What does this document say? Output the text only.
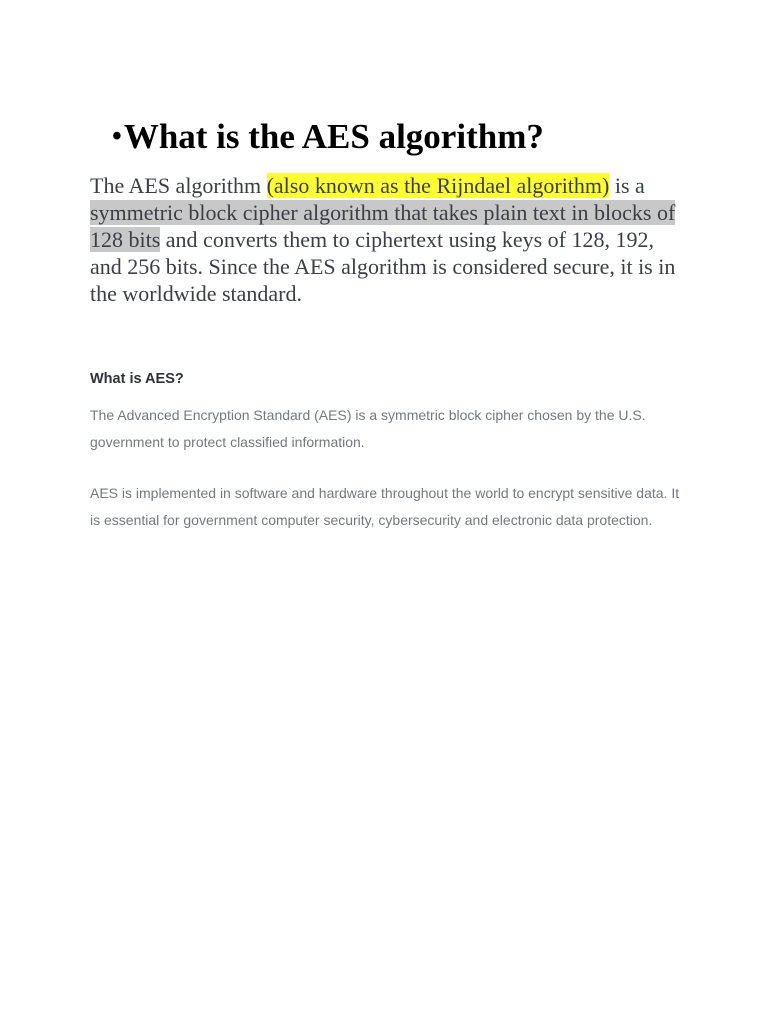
•What is the AES algorithm?

The AES algorithm (also known as the Rijndael algorithm) is a symmetric block cipher algorithm that takes plain text in blocks of 128 bits and converts them to ciphertext using keys of 128, 192, and 256 bits. Since the AES algorithm is considered secure, it is in the worldwide standard.

What is AES?

The Advanced Encryption Standard (AES) is a symmetric block cipher chosen by the U.S. government to protect classified information.

AES is implemented in software and hardware throughout the world to encrypt sensitive data. It is essential for government computer security, cybersecurity and electronic data protection.
